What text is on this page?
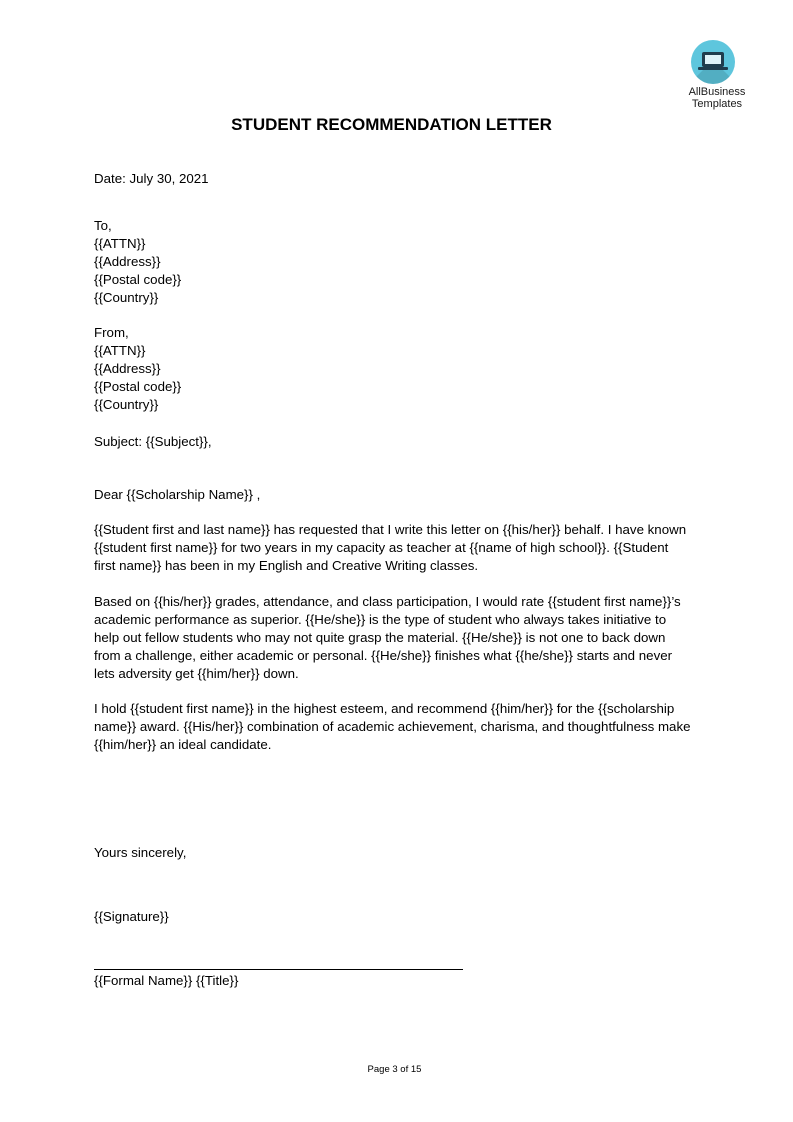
AllBusiness
Templates
STUDENT RECOMMENDATION LETTER
Date: July 30, 2021
To,
{{ATTN}}
{{Address}}
{{Postal code}}
{{Country}}
From,
{{ATTN}}
{{Address}}
{{Postal code}}
{{Country}}
Subject: {{Subject}},
Dear {{Scholarship Name}} ,
{{Student first and last name}} has requested that I write this letter on {{his/her}} behalf. I have known
{{student first name}} for two years in my capacity as teacher at {{name of high school}}. {{Student
first name}} has been in my English and Creative Writing classes.
Based on {{his/her}} grades, attendance, and class participation, I would rate {{student first name}}’s
academic performance as superior. {{He/she}} is the type of student who always takes initiative to
help out fellow students who may not quite grasp the material. {{He/she}} is not one to back down
from a challenge, either academic or personal. {{He/she}} finishes what {{he/she}} starts and never
lets adversity get {{him/her}} down.
I hold {{student first name}} in the highest esteem, and recommend {{him/her}} for the {{scholarship
name}} award. {{His/her}} combination of academic achievement, charisma, and thoughtfulness make
{{him/her}} an ideal candidate.
Yours sincerely,
{{Signature}}
{{Formal Name}} {{Title}}
Page 3 of 15
